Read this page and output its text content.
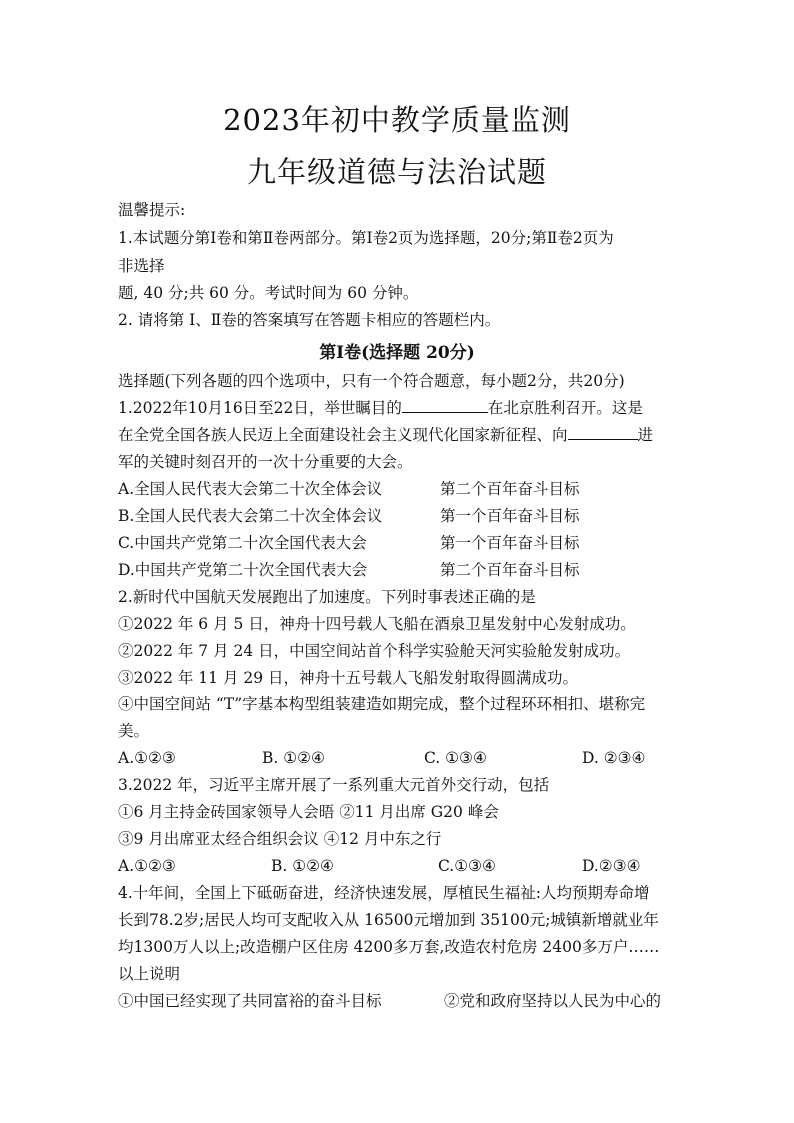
2023年初中教学质量监测
九年级道德与法治试题
温馨提示:
1.本试题分第Ⅰ卷和第Ⅱ卷两部分。第Ⅰ卷2页为选择题，20分;第Ⅱ卷2页为
非选择
题, 40 分;共 60 分。考试时间为 60 分钟。
2. 请将第 Ⅰ、Ⅱ卷的答案填写在答题卡相应的答题栏内。
第Ⅰ卷(选择题 20分)
选择题(下列各题的四个选项中，只有一个符合题意，每小题2分，共20分)
1.2022年10月16日至22日，举世瞩目的	在北京胜利召开。这是
在全党全国各族人民迈上全面建设社会主义现代化国家新征程、向	进
军的关键时刻召开的一次十分重要的大会。
A.全国人民代表大会第二十次全体会议	第二个百年奋斗目标
B.全国人民代表大会第二十次全体会议	第一个百年奋斗目标
C.中国共产党第二十次全国代表大会	第一个百年奋斗目标
D.中国共产党第二十次全国代表大会	第二个百年奋斗目标
2.新时代中国航天发展跑出了加速度。下列时事表述正确的是
①2022 年 6 月 5 日，神舟十四号载人飞船在酒泉卫星发射中心发射成功。
②2022 年 7 月 24 日，中国空间站首个科学实验舱天河实验舱发射成功。
③2022 年 11 月 29 日，神舟十五号载人飞船发射取得圆满成功。
④中国空间站 “T”字基本构型组装建造如期完成，整个过程环环相扣、堪称完
美。
A.①②③	B. ①②④	C. ①③④	D. ②③④
3.2022 年，习近平主席开展了一系列重大元首外交行动，包括
①6 月主持金砖国家领导人会晤 ②11 月出席 G20 峰会
③9 月出席亚太经合组织会议 ④12 月中东之行
A.①②③	B. ①②④	C.①③④	D.②③④
4.十年间，全国上下砥砺奋进，经济快速发展，厚植民生福祉:人均预期寿命增
长到78.2岁;居民人均可支配收入从 16500元增加到 35100元;城镇新增就业年
均1300万人以上;改造棚户区住房 4200多万套,改造农村危房 2400多万户……
以上说明
①中国已经实现了共同富裕的奋斗目标	②党和政府坚持以人民为中心的
